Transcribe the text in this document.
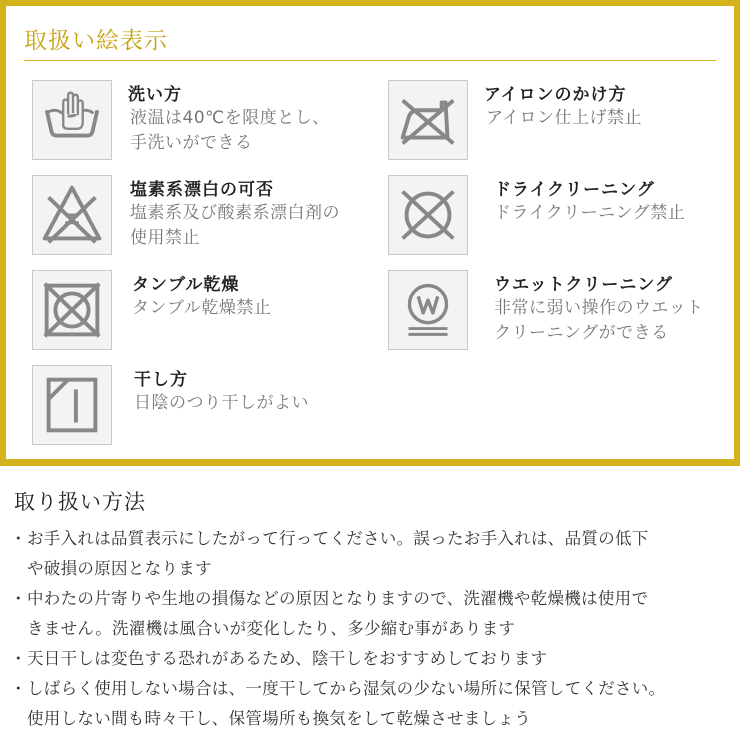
取扱い絵表示
洗い方
液温は40℃を限度とし、
手洗いができる
アイロンのかけ方
アイロン仕上げ禁止
塩素系漂白の可否
塩素系及び酸素系漂白剤の
使用禁止
ドライクリーニング
ドライクリーニング禁止
タンブル乾燥
タンブル乾燥禁止
ウエットクリーニング
非常に弱い操作のウエット
クリーニングができる
干し方
日陰のつり干しがよい
取り扱い方法
・ お手入れは品質表示にしたがって行ってください。誤ったお手入れは、品質の低下
や破損の原因となります
・ 中わたの片寄りや生地の損傷などの原因となりますので、洗濯機や乾燥機は使用で
きません。洗濯機は風合いが変化したり、多少縮む事があります
・ 天日干しは変色する恐れがあるため、陰干しをおすすめしております
・ しばらく使用しない場合は、一度干してから湿気の少ない場所に保管してください。
使用しない間も時々干し、保管場所も換気をして乾燥させましょう
